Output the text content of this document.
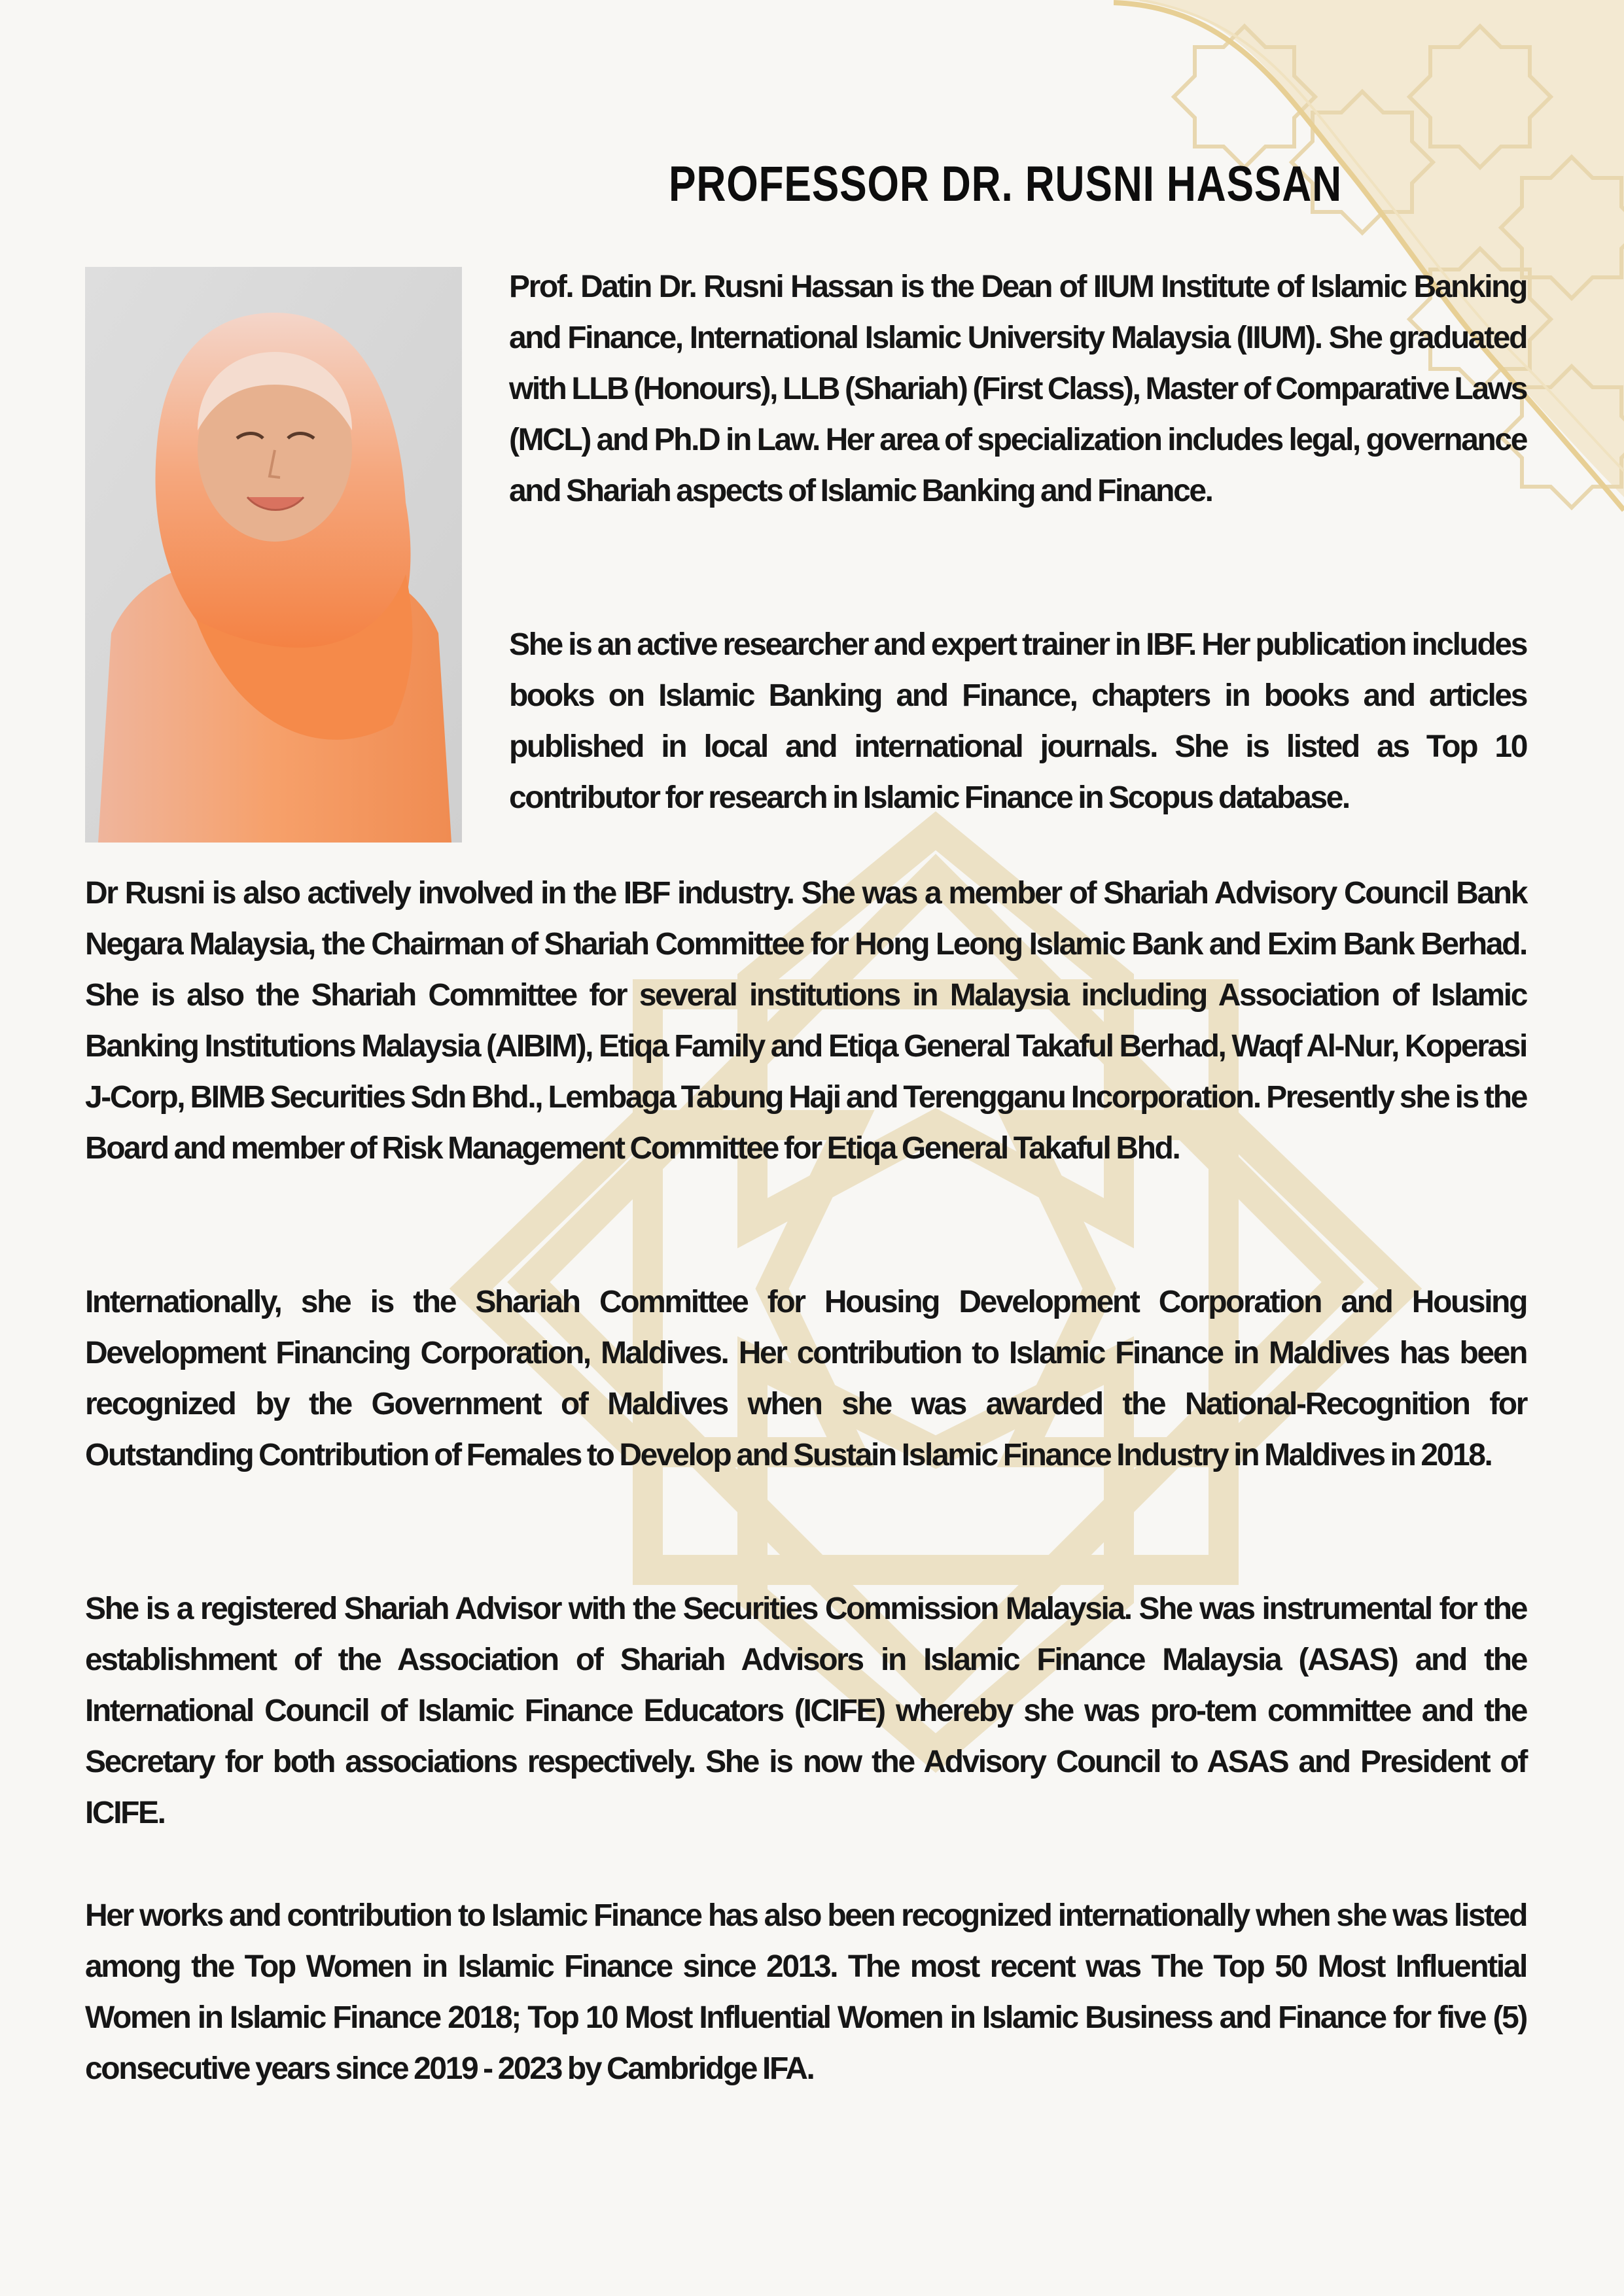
PROFESSOR DR. RUSNI HASSAN

Prof. Datin Dr. Rusni Hassan is the Dean of IIUM Institute of Islamic Banking and Finance, International Islamic University Malaysia (IIUM). She graduated with LLB (Honours), LLB (Shariah) (First Class), Master of Comparative Laws (MCL) and Ph.D in Law. Her area of specialization includes legal, governance and Shariah aspects of Islamic Banking and Finance.

She is an active researcher and expert trainer in IBF. Her publication includes books on Islamic Banking and Finance, chapters in books and articles published in local and international journals. She is listed as Top 10 contributor for research in Islamic Finance in Scopus database.

Dr Rusni is also actively involved in the IBF industry. She was a member of Shariah Advisory Council Bank Negara Malaysia, the Chairman of Shariah Committee for Hong Leong Islamic Bank and Exim Bank Berhad. She is also the Shariah Committee for several institutions in Malaysia including Association of Islamic Banking Institutions Malaysia (AIBIM), Etiqa Family and Etiqa General Takaful Berhad, Waqf Al-Nur, Koperasi J-Corp, BIMB Securities Sdn Bhd., Lembaga Tabung Haji and Terengganu Incorporation. Presently she is the Board and member of Risk Management Committee for Etiqa General Takaful Bhd.

Internationally, she is the Shariah Committee for Housing Development Corporation and Housing Development Financing Corporation, Maldives. Her contribution to Islamic Finance in Maldives has been recognized by the Government of Maldives when she was awarded the National-Recognition for Outstanding Contribution of Females to Develop and Sustain Islamic Finance Industry in Maldives in 2018.

She is a registered Shariah Advisor with the Securities Commission Malaysia. She was instrumental for the establishment of the Association of Shariah Advisors in Islamic Finance Malaysia (ASAS) and the International Council of Islamic Finance Educators (ICIFE) whereby she was pro-tem committee and the Secretary for both associations respectively. She is now the Advisory Council to ASAS and President of ICIFE.

Her works and contribution to Islamic Finance has also been recognized internationally when she was listed among the Top Women in Islamic Finance since 2013. The most recent was The Top 50 Most Influential Women in Islamic Finance 2018; Top 10 Most Influential Women in Islamic Business and Finance for five (5) consecutive years since 2019 - 2023 by Cambridge IFA.
